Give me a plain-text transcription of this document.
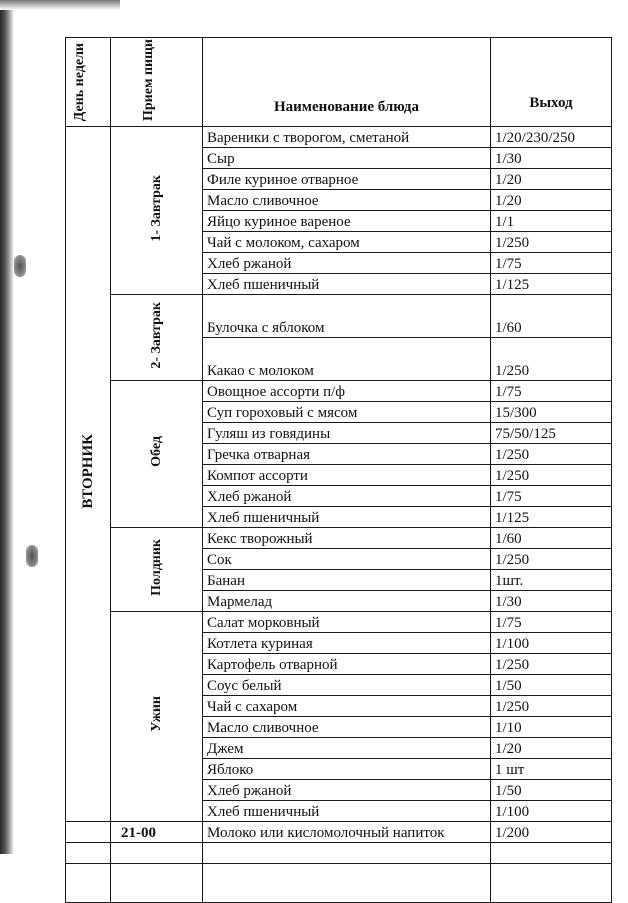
День недели	Прием пищи	Наименование блюда	Выход
ВТОРНИК	1- Завтрак	Вареники с творогом, сметаной	1/20/230/250
		Сыр	1/30
		Филе куриное отварное	1/20
		Масло сливочное	1/20
		Яйцо куриное вареное	1/1
		Чай с молоком, сахаром	1/250
		Хлеб ржаной	1/75
		Хлеб пшеничный	1/125
	2- Завтрак	Булочка с яблоком	1/60
		Какао с молоком	1/250
	Обед	Овощное ассорти п/ф	1/75
		Суп гороховый с мясом	15/300
		Гуляш из говядины	75/50/125
		Гречка отварная	1/250
		Компот ассорти	1/250
		Хлеб ржаной	1/75
		Хлеб пшеничный	1/125
	Полдник	Кекс творожный	1/60
		Сок	1/250
		Банан	1шт.
		Мармелад	1/30
	Ужин	Салат морковный	1/75
		Котлета куриная	1/100
		Картофель отварной	1/250
		Соус белый	1/50
		Чай с сахаром	1/250
		Масло сливочное	1/10
		Джем	1/20
		Яблоко	1 шт
		Хлеб ржаной	1/50
		Хлеб пшеничный	1/100
	21-00	Молоко или кисломолочный напиток	1/200
